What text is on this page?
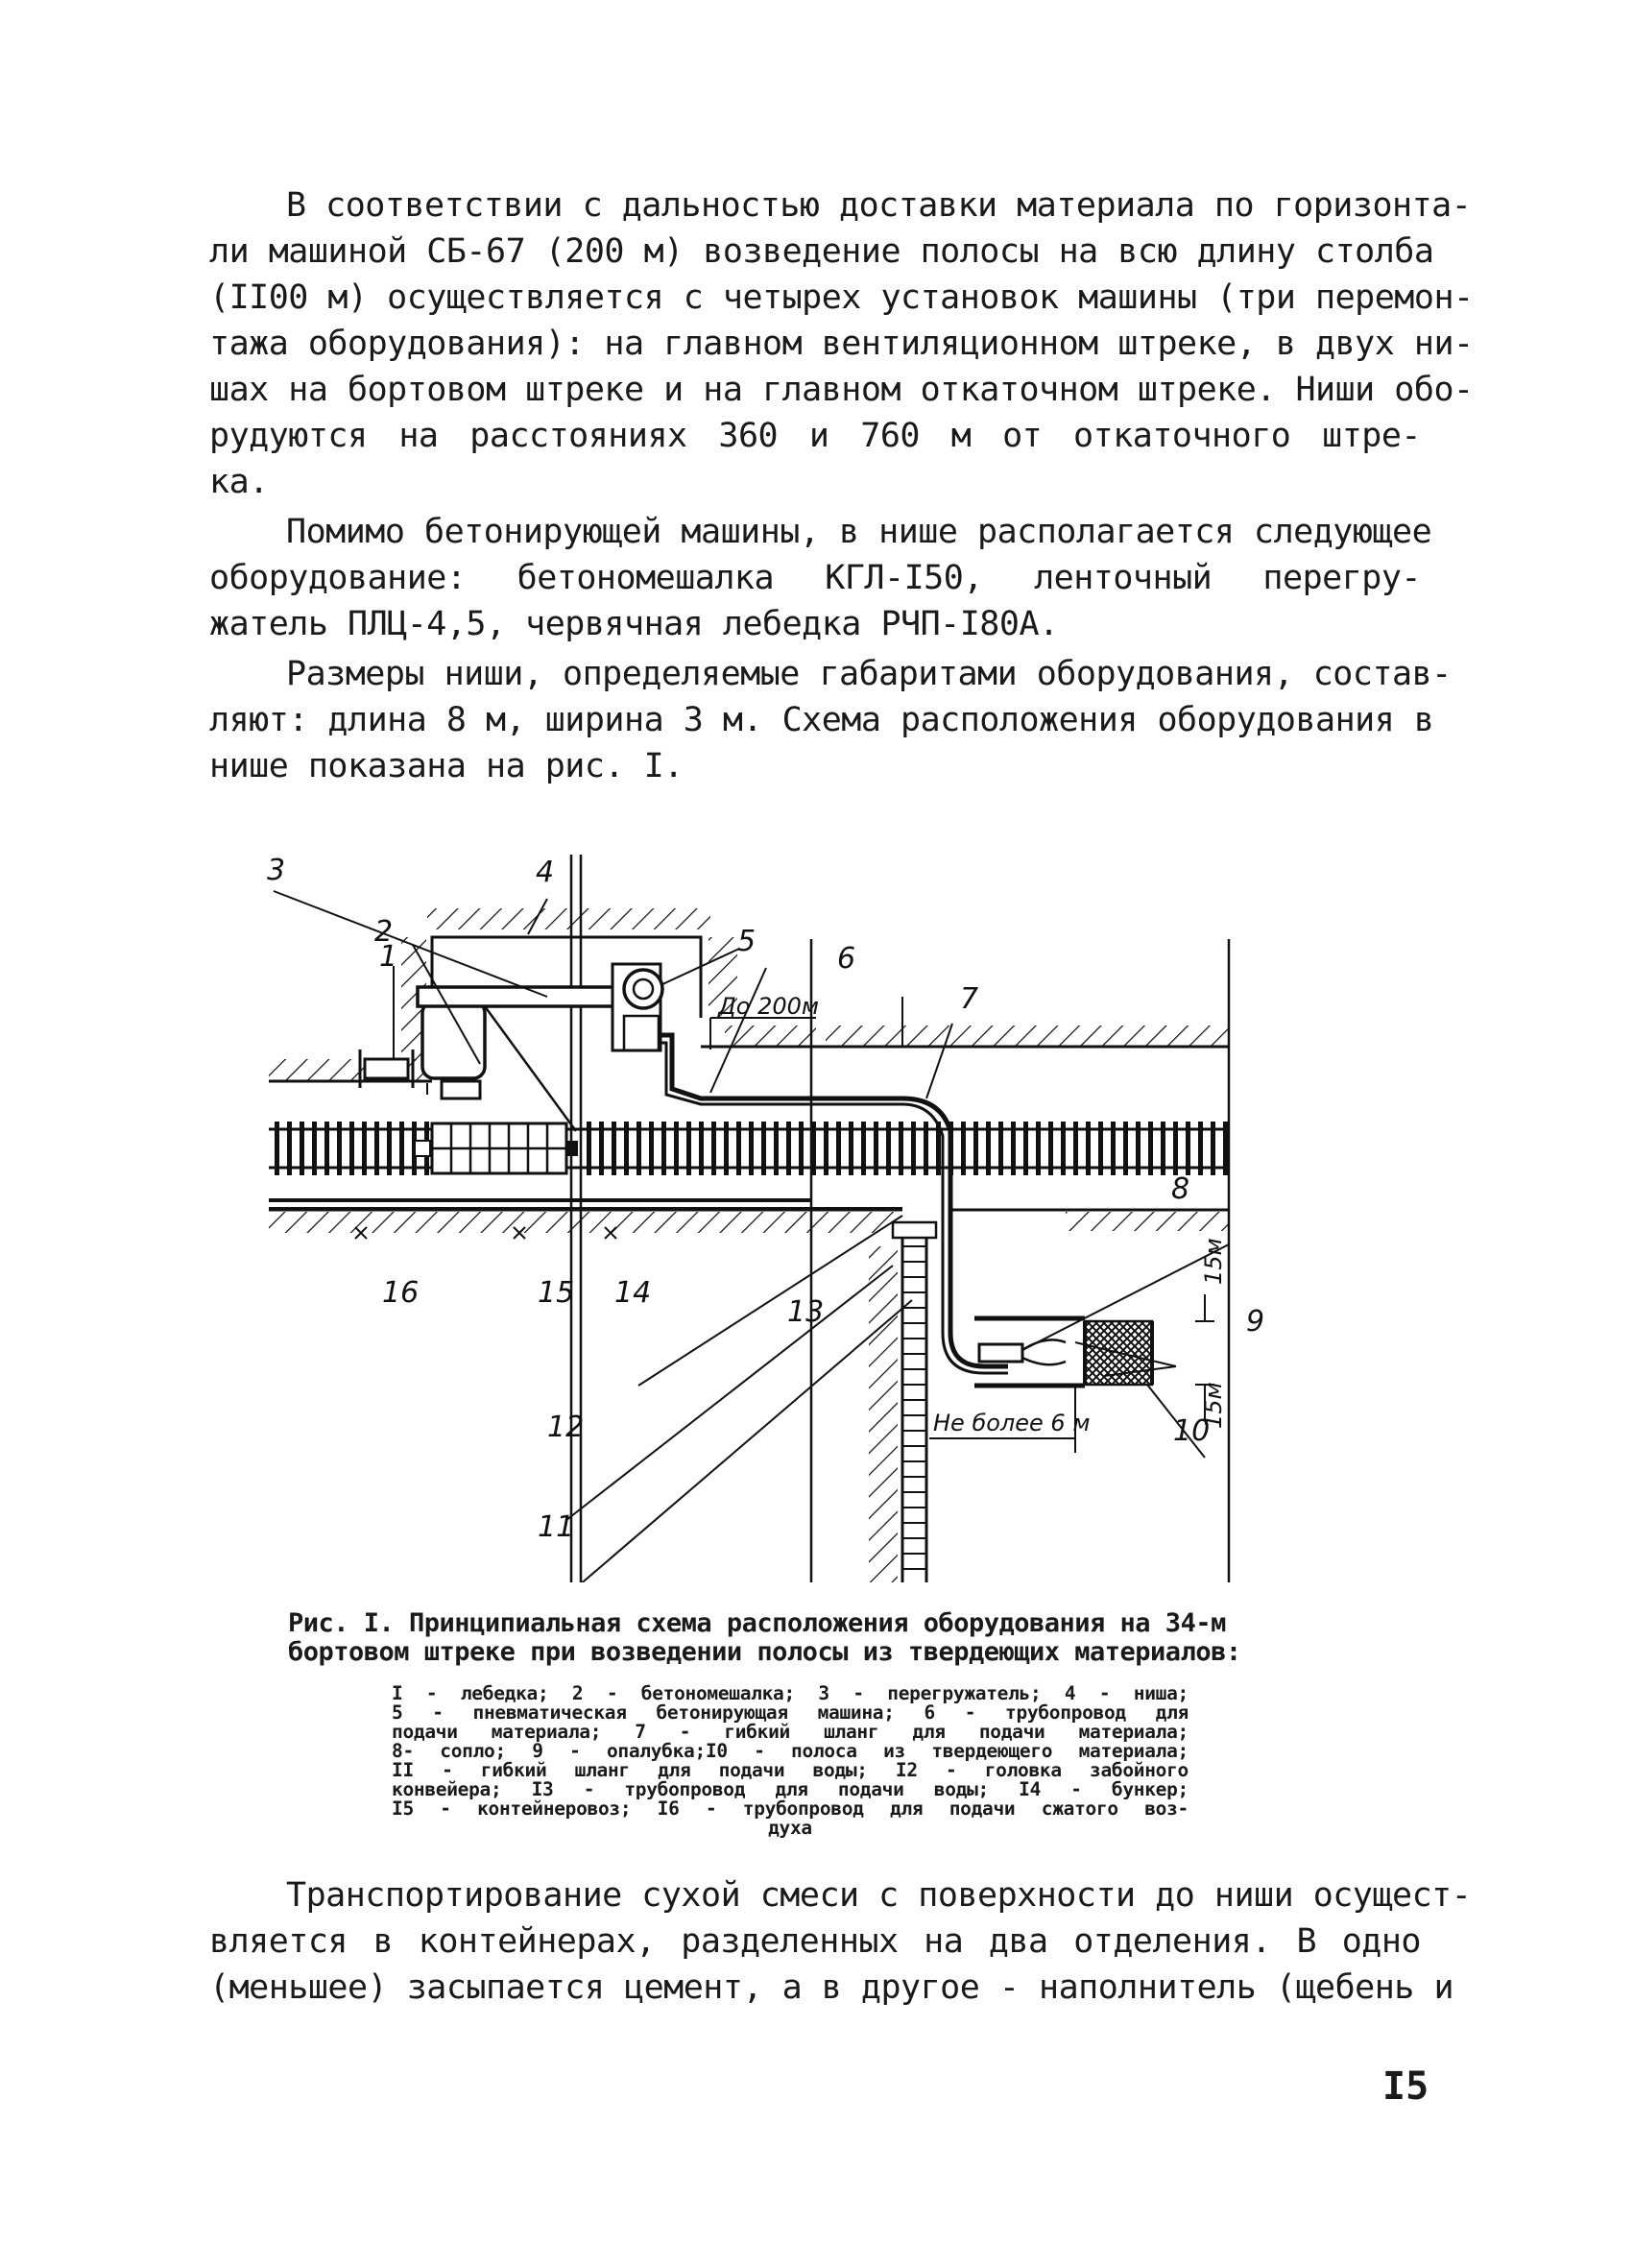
В соответствии с дальностью доставки материала по горизонта-
ли машиной СБ-67 (200 м) возведение полосы на всю длину столба
(II00 м) осуществляется с четырех установок машины (три перемон-
тажа оборудования): на главном вентиляционном штреке, в двух ни-
шах на бортовом штреке и на главном откаточном штреке. Ниши обо-
рудуются на расстояниях 360 и 760 м от откаточного штре-
ка.
Помимо бетонирующей машины, в нише располагается следующее
оборудование: бетономешалка КГЛ-I50, ленточный перегру-
жатель ПЛЦ-4,5, червячная лебедка РЧП-I80А.
Размеры ниши, определяемые габаритами оборудования, состав-
ляют: длина 8 м, ширина 3 м. Схема расположения оборудования в
нише показана на рис. I.
3	4
2
1	5
6
7
8
9
10
11
12
13
14
15
16
До 200м
Не более 6 м
15м
15м
Рис. I. Принципиальная схема расположения оборудования на 34-м
бортовом штреке при возведении полосы из твердеющих материалов:
I - лебедка; 2 - бетономешалка; 3 - перегружатель; 4 - ниша;
5 - пневматическая бетонирующая машина; 6 - трубопровод для
подачи материала; 7 - гибкий шланг для подачи материала;
8- сопло; 9 - опалубка;I0 - полоса из твердеющего материала;
II - гибкий шланг для подачи воды; I2 - головка забойного
конвейера; I3 - трубопровод для подачи воды; I4 - бункер;
I5 - контейнеровоз; I6 - трубопровод для подачи сжатого воз-
духа
Транспортирование сухой смеси с поверхности до ниши осущест-
вляется в контейнерах, разделенных на два отделения. В одно
(меньшее) засыпается цемент, а в другое - наполнитель (щебень и
I5
